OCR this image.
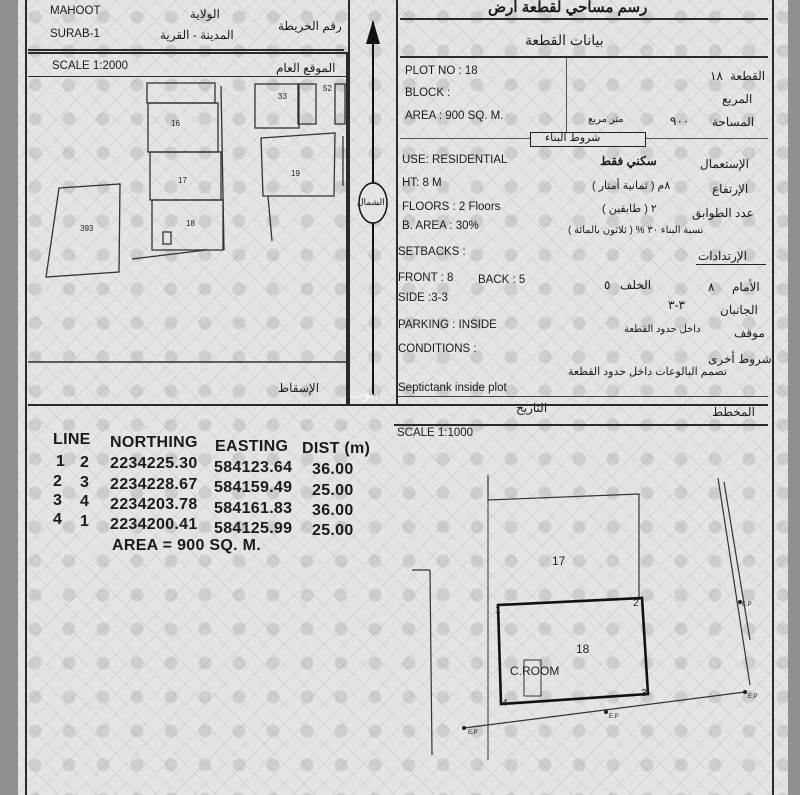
MAHOOT
SURAB-1
الولاية
رقم الخريطة
المدينة - القرية
رسم مساحي لقطعة أرض
بيانات القطعة
SCALE 1:2000	الموقع العام
16
17
18
19
33
52
393
الإسقاط
الشمال
PLOT NO : 18
BLOCK :
AREA : 900 SQ. M.
١٨ القطعة
المربع
٩٠٠
متر مربع	المساحة
شروط البناء
USE: RESIDENTIAL
HT: 8 M
FLOORS : 2 Floors
B. AREA : 30%
SETBACKS :
FRONT : 8 BACK : 5
SIDE :3-3
PARKING : INSIDE
CONDITIONS :
Septictank inside plot
الإستعمال
سكني فقط
الإرتفاع
٨م ( ثمانية أمتار )
عدد الطوابق
٢ ( طابقين )
نسبة البناء ٣٠ % ( ثلاثون بالمائة )
الإرتدادات
الأمام
٨
الخلف
٥
الجانبان
٣-٣
موقف
داخل حدود القطعة
شروط أخرى
تصمم البالوعات داخل حدود القطعة
بيوت
التاريخ	المخطط
SCALE 1:1000
LINE NORTHING EASTING DIST (m)
1 2 2234225.30 584123.64 36.00
2 3 2234228.67 584159.49 25.00
3 4 2234203.78 584161.83 36.00
4 1 2234200.41 584125.99 25.00
AREA = 900 SQ. M.
17
18
C.ROOM
1
2
3
4
E.P
E.P
E.P
E.P
